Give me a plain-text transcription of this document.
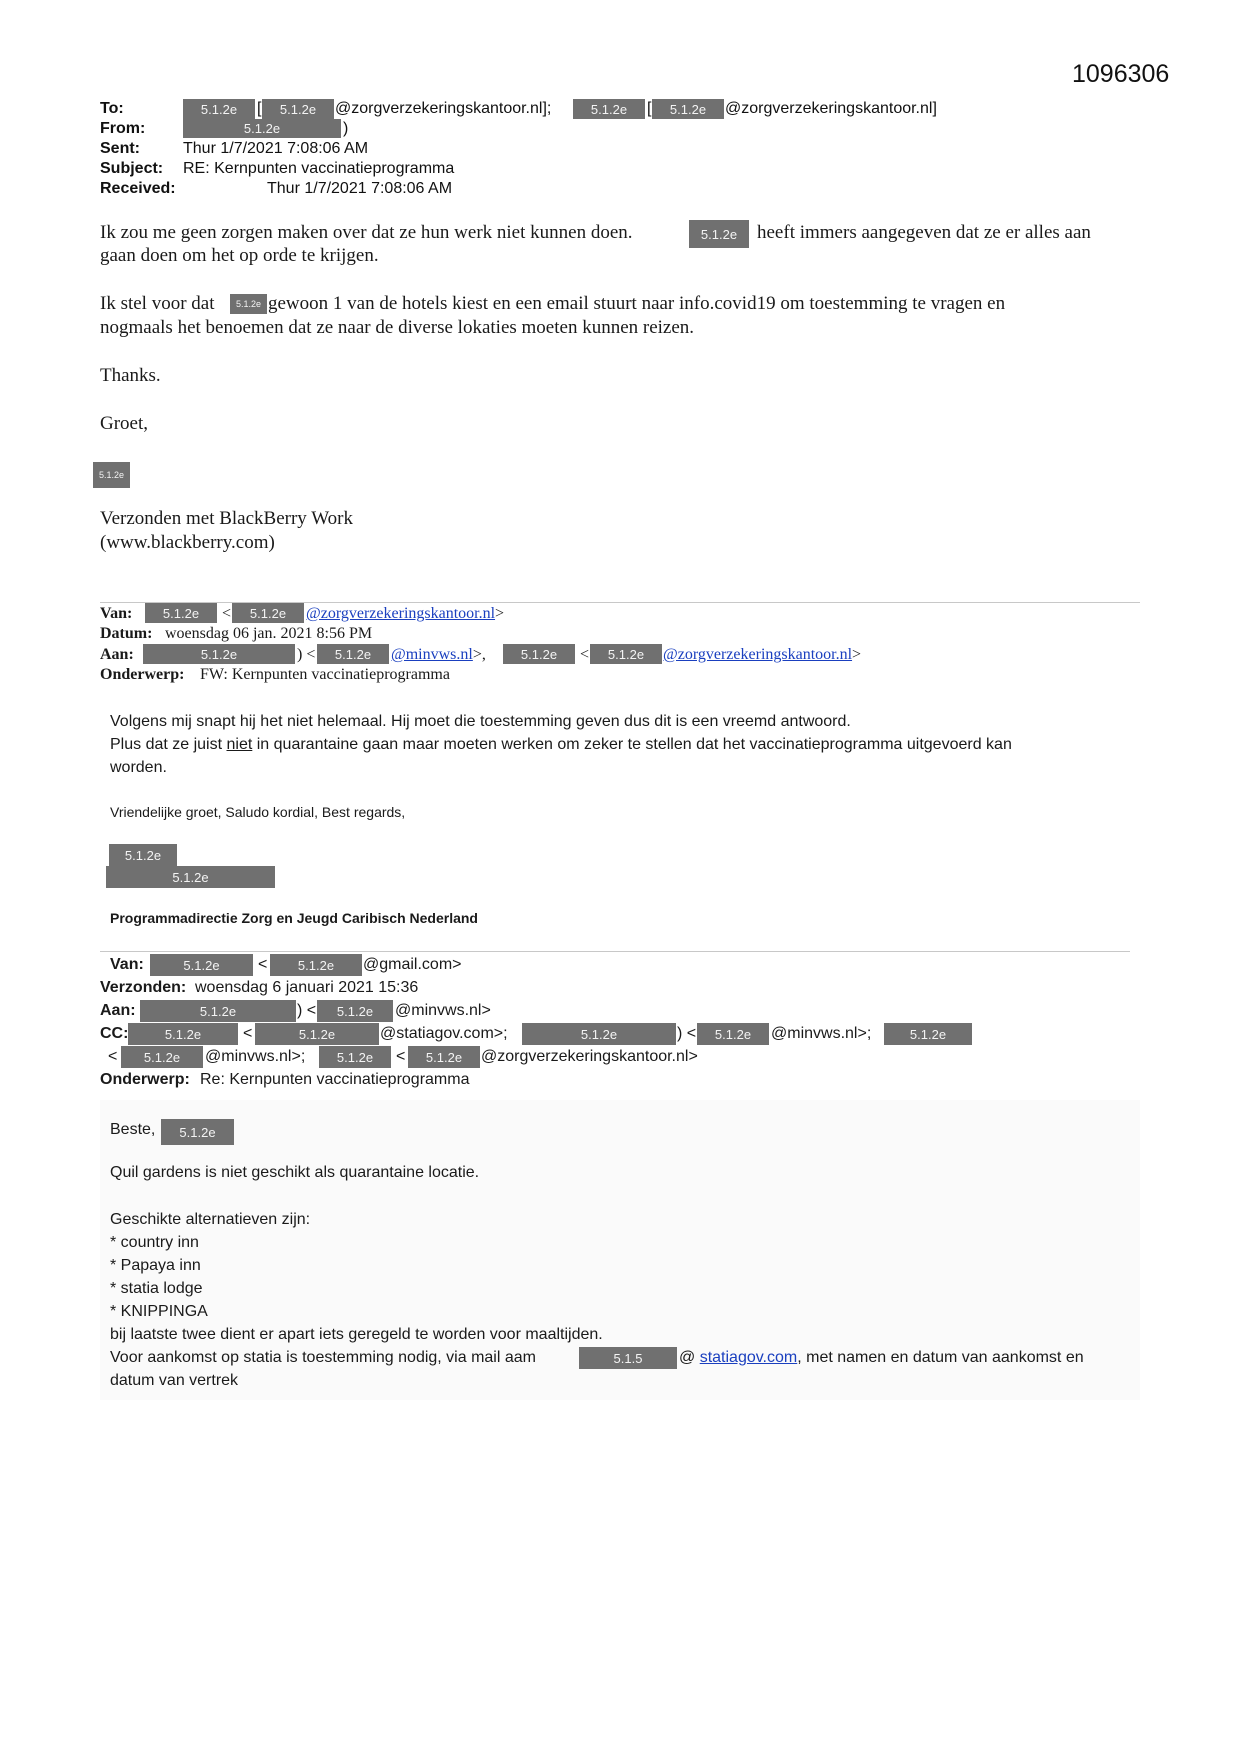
1096306
To:	5.1.2e	[	5.1.2e	@zorgverzekeringskantoor.nl];	5.1.2e	[	5.1.2e	@zorgverzekeringskantoor.nl]
From:	5.1.2e	)
Sent:	Thur 1/7/2021 7:08:06 AM
Subject: RE: Kernpunten vaccinatieprogramma
Received:	Thur 1/7/2021 7:08:06 AM
Ik zou me geen zorgen maken over dat ze hun werk niet kunnen doen.	5.1.2e	heeft immers aangegeven dat ze er alles aan
gaan doen om het op orde te krijgen.
Ik stel voor dat	5.1.2e gewoon 1 van de hotels kiest en een email stuurt naar info.covid19 om toestemming te vragen en
nogmaals het benoemen dat ze naar de diverse lokaties moeten kunnen reizen.
Thanks.
Groet,
5.1.2e
Verzonden met BlackBerry Work
(www.blackberry.com)
Van:	5.1.2e	<	5.1.2e	@zorgverzekeringskantoor.nl>
Datum: woensdag 06 jan. 2021 8:56 PM
Aan:	5.1.2e	) <	5.1.2e	@minvws.nl>,	5.1.2e	<	5.1.2e	@zorgverzekeringskantoor.nl>
Onderwerp: FW: Kernpunten vaccinatieprogramma
Volgens mij snapt hij het niet helemaal. Hij moet die toestemming geven dus dit is een vreemd antwoord.
Plus dat ze juist niet in quarantaine gaan maar moeten werken om zeker te stellen dat het vaccinatieprogramma uitgevoerd kan
worden.
Vriendelijke groet, Saludo kordial, Best regards,
5.1.2e
5.1.2e
Programmadirectie Zorg en Jeugd Caribisch Nederland
Van:	5.1.2e	<	5.1.2e	@gmail.com>
Verzonden: woensdag 6 januari 2021 15:36
Aan:	5.1.2e	) <	5.1.2e	@minvws.nl>
CC:	5.1.2e	<	5.1.2e	@statiagov.com>;	5.1.2e	) <	5.1.2e	@minvws.nl>;	5.1.2e
<	5.1.2e	@minvws.nl>;	5.1.2e	<	5.1.2e	@zorgverzekeringskantoor.nl>
Onderwerp: Re: Kernpunten vaccinatieprogramma
Beste,	5.1.2e
Quil gardens is niet geschikt als quarantaine locatie.
Geschikte alternatieven zijn:
* country inn
* Papaya inn
* statia lodge
* KNIPPINGA
bij laatste twee dient er apart iets geregeld te worden voor maaltijden.
Voor aankomst op statia is toestemming nodig, via mail aam	5.1.5	@ statiagov.com, met namen en datum van aankomst en
datum van vertrek
